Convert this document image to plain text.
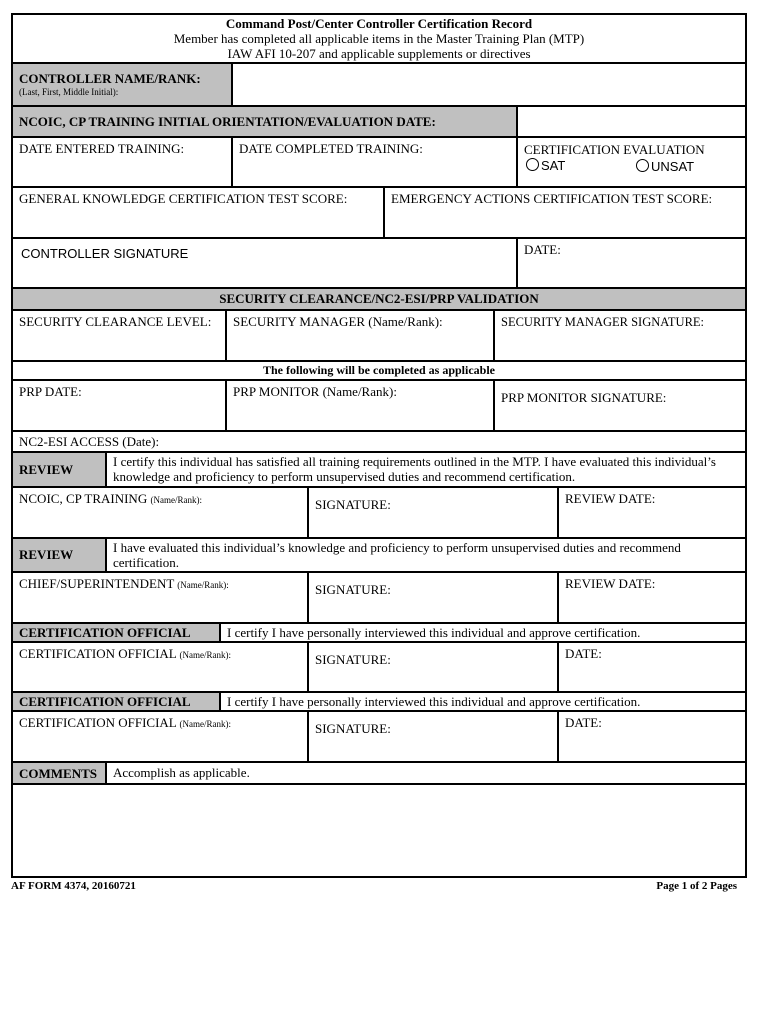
Command Post/Center Controller Certification Record
Member has completed all applicable items in the Master Training Plan (MTP)
IAW AFI 10-207 and applicable supplements or directives
CONTROLLER NAME/RANK:
(Last, First, Middle Initial):
NCOIC, CP TRAINING INITIAL ORIENTATION/EVALUATION DATE:
DATE ENTERED TRAINING:	DATE COMPLETED TRAINING:	CERTIFICATION EVALUATION
SAT	UNSAT
GENERAL KNOWLEDGE CERTIFICATION TEST SCORE:	EMERGENCY ACTIONS CERTIFICATION TEST SCORE:
CONTROLLER SIGNATURE	DATE:
SECURITY CLEARANCE/NC2-ESI/PRP VALIDATION
SECURITY CLEARANCE LEVEL: SECURITY MANAGER (Name/Rank):	SECURITY MANAGER SIGNATURE:
The following will be completed as applicable
PRP DATE:	PRP MONITOR (Name/Rank):	PRP MONITOR SIGNATURE:
NC2-ESI ACCESS (Date):
REVIEW
I certify this individual has satisfied all training requirements outlined in the MTP. I have evaluated this individual’s
knowledge and proficiency to perform unsupervised duties and recommend certification.
NCOIC, CP TRAINING (Name/Rank):	SIGNATURE:	REVIEW DATE:
REVIEW	I have evaluated this individual’s knowledge and proficiency to perform unsupervised duties and recommend
certification.
CHIEF/SUPERINTENDENT (Name/Rank):	SIGNATURE:	REVIEW DATE:
CERTIFICATION OFFICIAL	I certify I have personally interviewed this individual and approve certification.
CERTIFICATION OFFICIAL (Name/Rank):	SIGNATURE:	DATE:
CERTIFICATION OFFICIAL	I certify I have personally interviewed this individual and approve certification.
CERTIFICATION OFFICIAL (Name/Rank):	SIGNATURE:	DATE:
COMMENTS Accomplish as applicable.
AF FORM 4374, 20160721	Page 1 of 2 Pages
